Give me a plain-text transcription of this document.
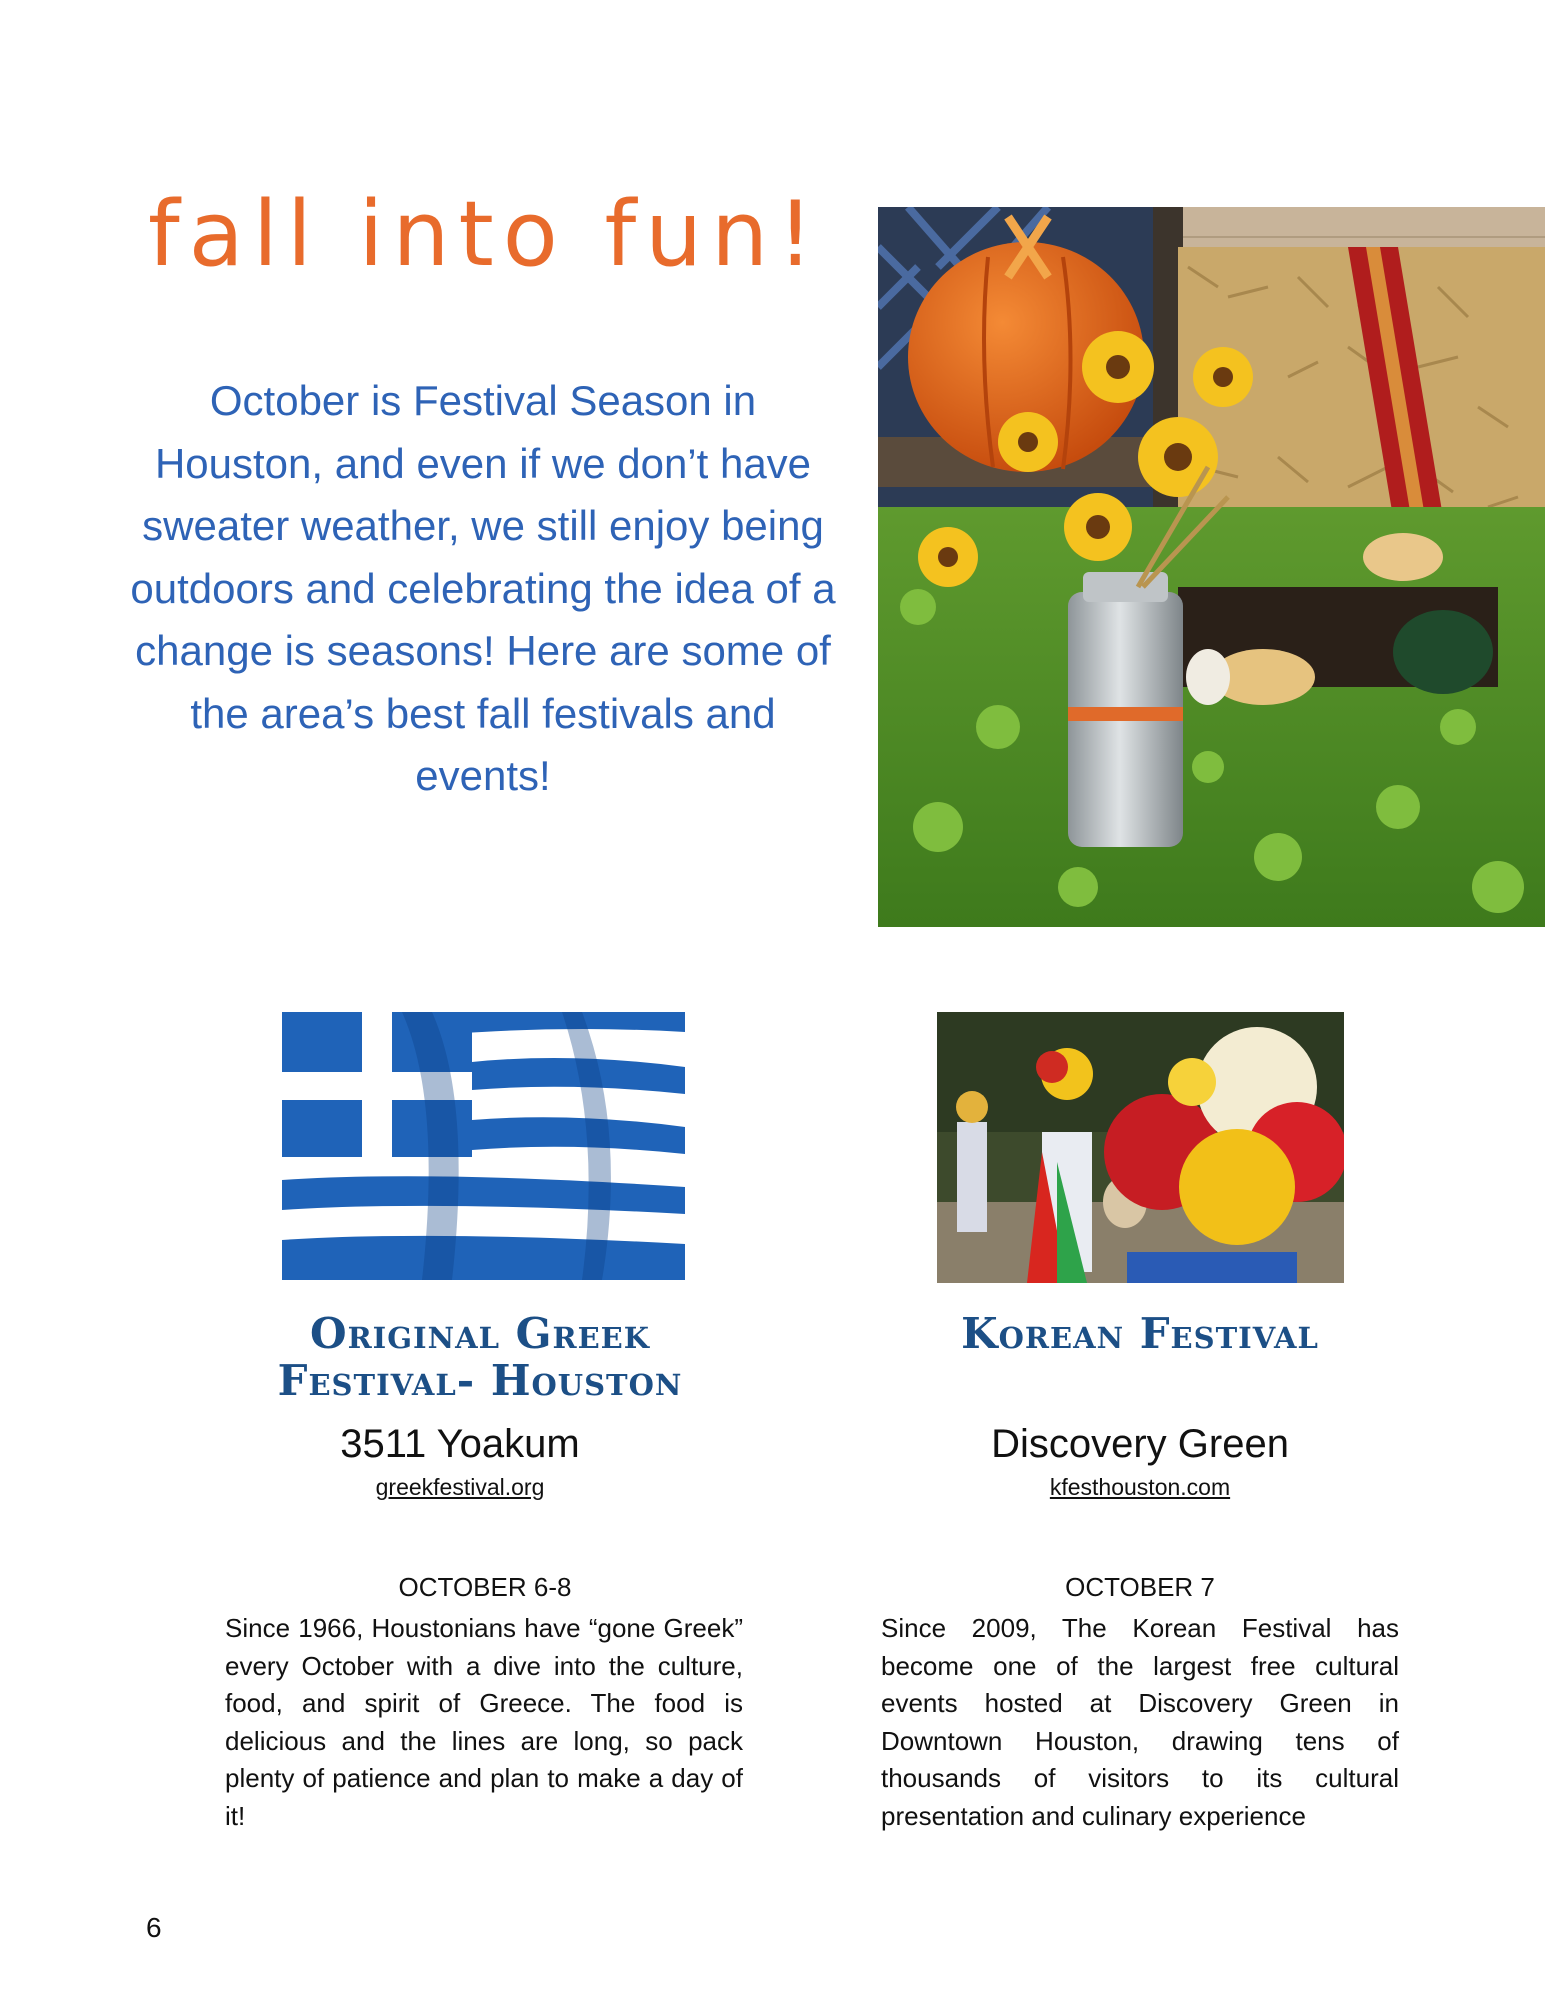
fall into fun!

October is Festival Season in Houston, and even if we don’t have sweater weather, we still enjoy being outdoors and celebrating the idea of a change is seasons! Here are some of the area’s best fall festivals and events!

Original Greek Festival- Houston

3511 Yoakum

greekfestival.org

OCTOBER 6-8

Since 1966, Houstonians have “gone Greek” every October with a dive into the culture, food, and spirit of Greece. The food is delicious and the lines are long, so pack plenty of patience and plan to make a day of it!

Korean Festival

Discovery Green

kfesthouston.com

OCTOBER 7

Since 2009, The Korean Festival has become one of the largest free cultural events hosted at Discovery Green in Downtown Houston, drawing tens of thousands of visitors to its cultural presentation and culinary experience

6
